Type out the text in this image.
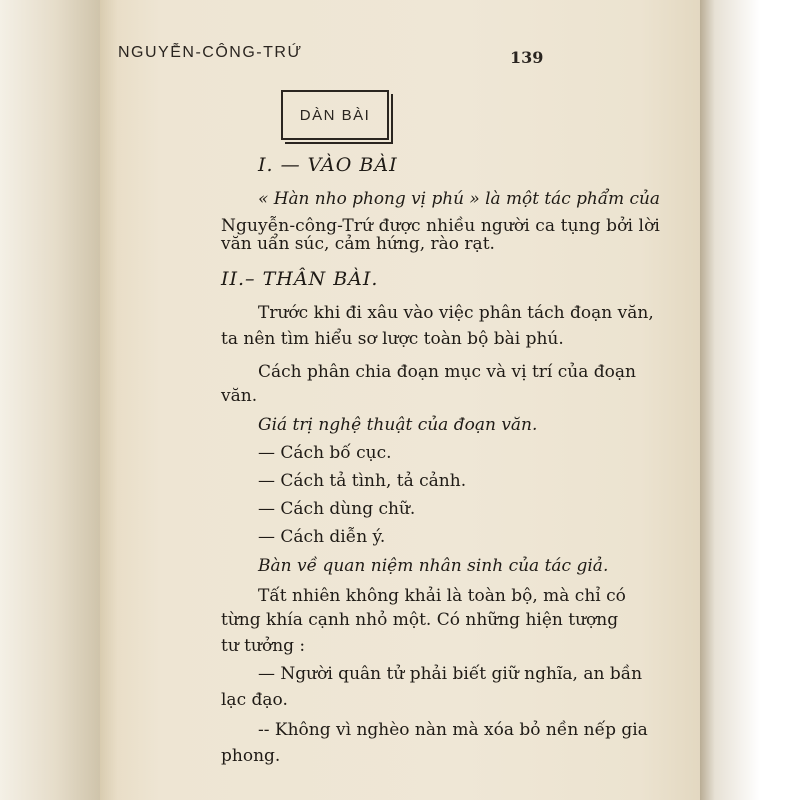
NGUYỄN-CÔNG-TRỨ	139
DÀN BÀI
I. — VÀO BÀI
« Hàn nho phong vị phú » là một tác phẩm của
Nguyễn-công-Trứ được nhiều người ca tụng bởi lời
văn uẩn súc, cảm hứng, rào rạt.
II.– THÂN BÀI.
Trước khi đi xâu vào việc phân tách đoạn văn,
ta nên tìm hiểu sơ lược toàn bộ bài phú.
Cách phân chia đoạn mục và vị trí của đoạn
văn.
Giá trị nghệ thuật của đoạn văn.
— Cách bố cục.
— Cách tả tình, tả cảnh.
— Cách dùng chữ.
— Cách diễn ý.
Bàn về quan niệm nhân sinh của tác giả.
Tất nhiên không khải là toàn bộ, mà chỉ có
từng khía cạnh nhỏ một. Có những hiện tượng
tư tưởng :
— Người quân tử phải biết giữ nghĩa, an bần
lạc đạo.
-- Không vì nghèo nàn mà xóa bỏ nền nếp gia
phong.
